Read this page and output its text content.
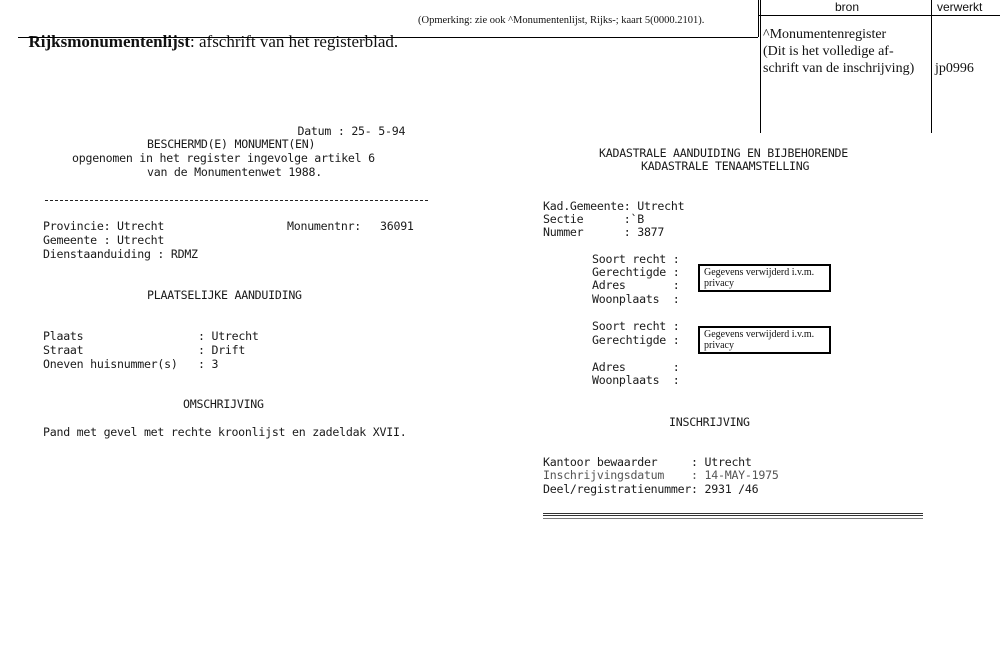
Rijksmonumentenlijst: afschrift van het registerblad.

(Opmerking: zie ook ^Monumentenlijst, Rijks-; kaart 5(0000.2101).
bron	verwerkt
^Monumentenregister
(Dit is het volledige af-
schrift van de inschrijving) jp0996

Datum : 25- 5-94

BESCHERMD(E) MONUMENT(EN)
opgenomen in het register ingevolge artikel 6
van de Monumentenwet 1988.
Provincie: Utrecht	Monumentnr: 36091
Gemeente : Utrecht
Dienstaanduiding : RDMZ
PLAATSELIJKE AANDUIDING
Plaats	: Utrecht
Straat	: Drift
Oneven huisnummer(s) : 3
OMSCHRIJVING
Pand met gevel met rechte kroonlijst en zadeldak XVII.
KADASTRALE AANDUIDING EN BIJBEHORENDE
KADASTRALE TENAAMSTELLING
Kad.Gemeente: Utrecht
Sectie      :`B
Nummer      : 3877
Soort recht :
Gerechtigde :
Adres       :
Woonplaats  :
Gegevens verwijderd i.v.m. privacy
Soort recht :
Gerechtigde :
Adres       :
Woonplaats  :
Gegevens verwijderd i.v.m. privacy
INSCHRIJVING
Kantoor bewaarder     : Utrecht
Inschrijvingsdatum    : 14-MAY-1975
Deel/registratienummer: 2931 /46
